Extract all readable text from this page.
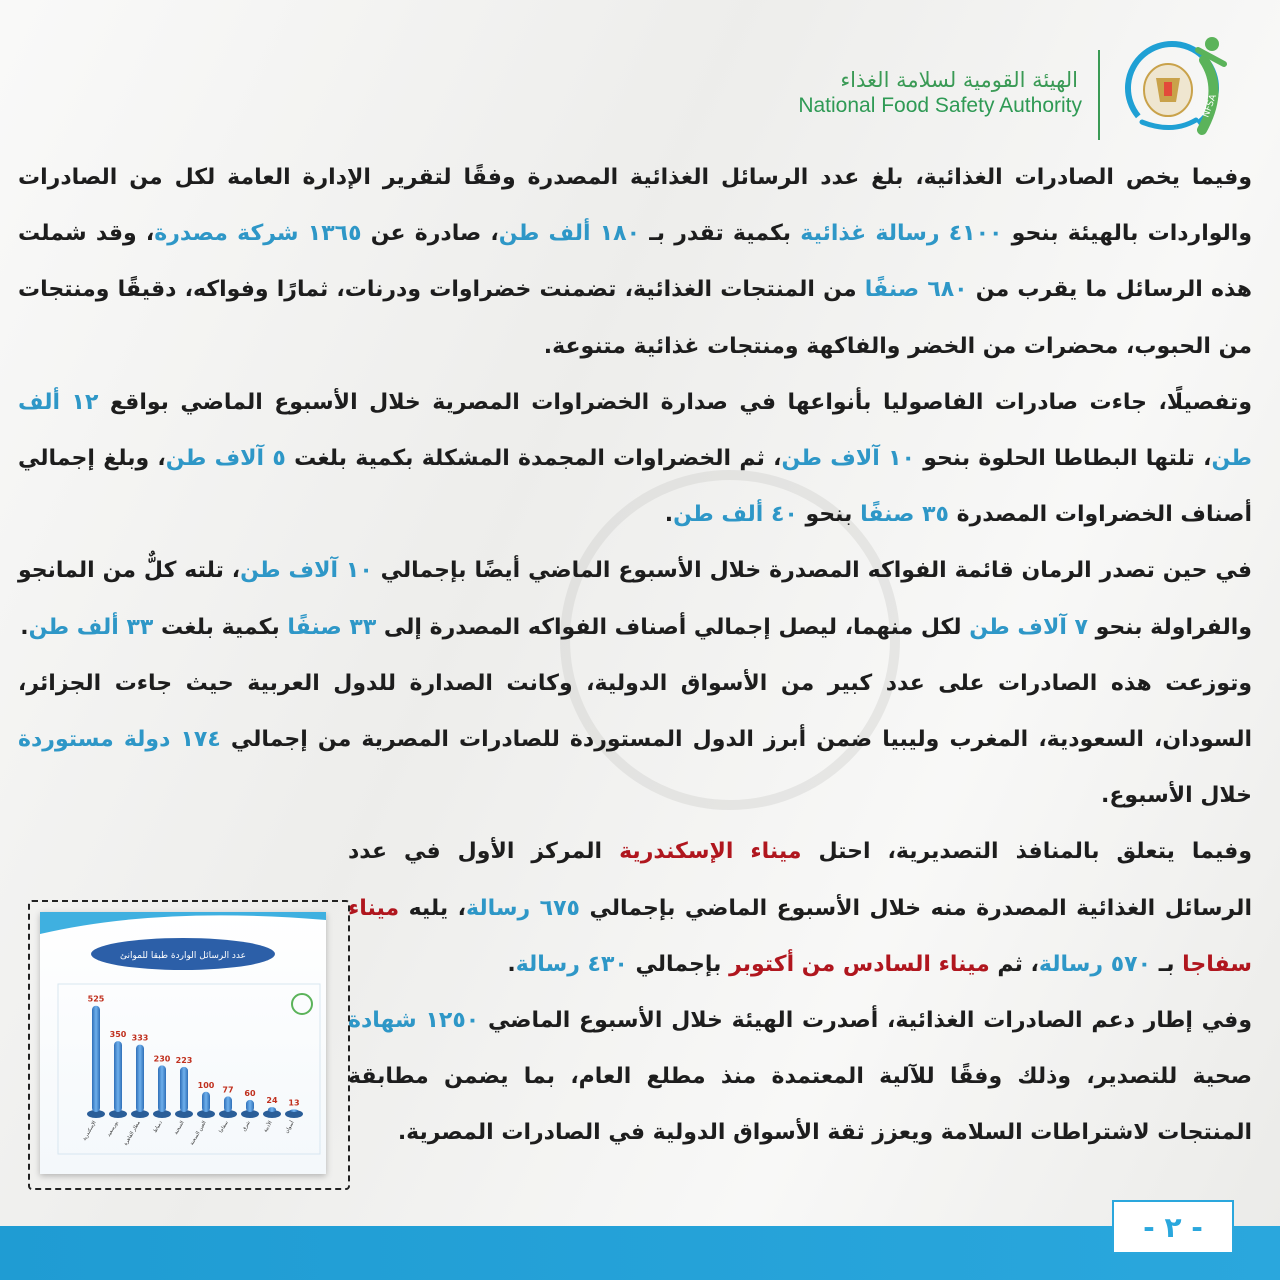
NFSA
الهيئة القومية لسلامة الغذاء
National Food Safety Authority

وفيما يخص الصادرات الغذائية، بلغ عدد الرسائل الغذائية المصدرة وفقًا لتقرير الإدارة العامة لكل من الصادرات والواردات بالهيئة بنحو ٤١٠٠ رسالة غذائية بكمية تقدر بـ ١٨٠ ألف طن، صادرة عن ١٣٦٥ شركة مصدرة، وقد شملت هذه الرسائل ما يقرب من ٦٨٠ صنفًا من المنتجات الغذائية، تضمنت خضراوات ودرنات، ثمارًا وفواكه، دقيقًا ومنتجات من الحبوب، محضرات من الخضر والفاكهة ومنتجات غذائية متنوعة.

وتفصيلًا، جاءت صادرات الفاصوليا بأنواعها في صدارة الخضراوات المصرية خلال الأسبوع الماضي بواقع ١٢ ألف طن، تلتها البطاطا الحلوة بنحو ١٠ آلاف طن، ثم الخضراوات المجمدة المشكلة بكمية بلغت ٥ آلاف طن، وبلغ إجمالي أصناف الخضراوات المصدرة ٣٥ صنفًا بنحو ٤٠ ألف طن.

في حين تصدر الرمان قائمة الفواكه المصدرة خلال الأسبوع الماضي أيضًا بإجمالي ١٠ آلاف طن، تلته كلٌّ من المانجو والفراولة بنحو ٧ آلاف طن لكل منهما، ليصل إجمالي أصناف الفواكه المصدرة إلى ٣٣ صنفًا بكمية بلغت ٣٣ ألف طن.

وتوزعت هذه الصادرات على عدد كبير من الأسواق الدولية، وكانت الصدارة للدول العربية حيث جاءت الجزائر، السودان، السعودية، المغرب وليبيا ضمن أبرز الدول المستوردة للصادرات المصرية من إجمالي ١٧٤ دولة مستوردة خلال الأسبوع.

وفيما يتعلق بالمنافذ التصديرية، احتل ميناء الإسكندرية المركز الأول في عدد الرسائل الغذائية المصدرة منه خلال الأسبوع الماضي بإجمالي ٦٧٥ رسالة، يليه ميناء سفاجا بـ ٥٧٠ رسالة، ثم ميناء السادس من أكتوبر بإجمالي ٤٣٠ رسالة.

وفي إطار دعم الصادرات الغذائية، أصدرت الهيئة خلال الأسبوع الماضي ١٢٥٠ شهادة صحية للتصدير، وذلك وفقًا للآلية المعتمدة منذ مطلع العام، بما يضمن مطابقة المنتجات لاشتراطات السلامة ويعزز ثقة الأسواق الدولية في الصادرات المصرية.

عدد الرسائل الواردة طبقا للموانئ
525
الإسكندرية
350
بورسعيد
333
مطار القاهرة
230
دمياط
223
السخنة
100
العين السخنة
77
سفاجا
60
شرق
24
الأدبية
13
أسوان
- ٢ -
